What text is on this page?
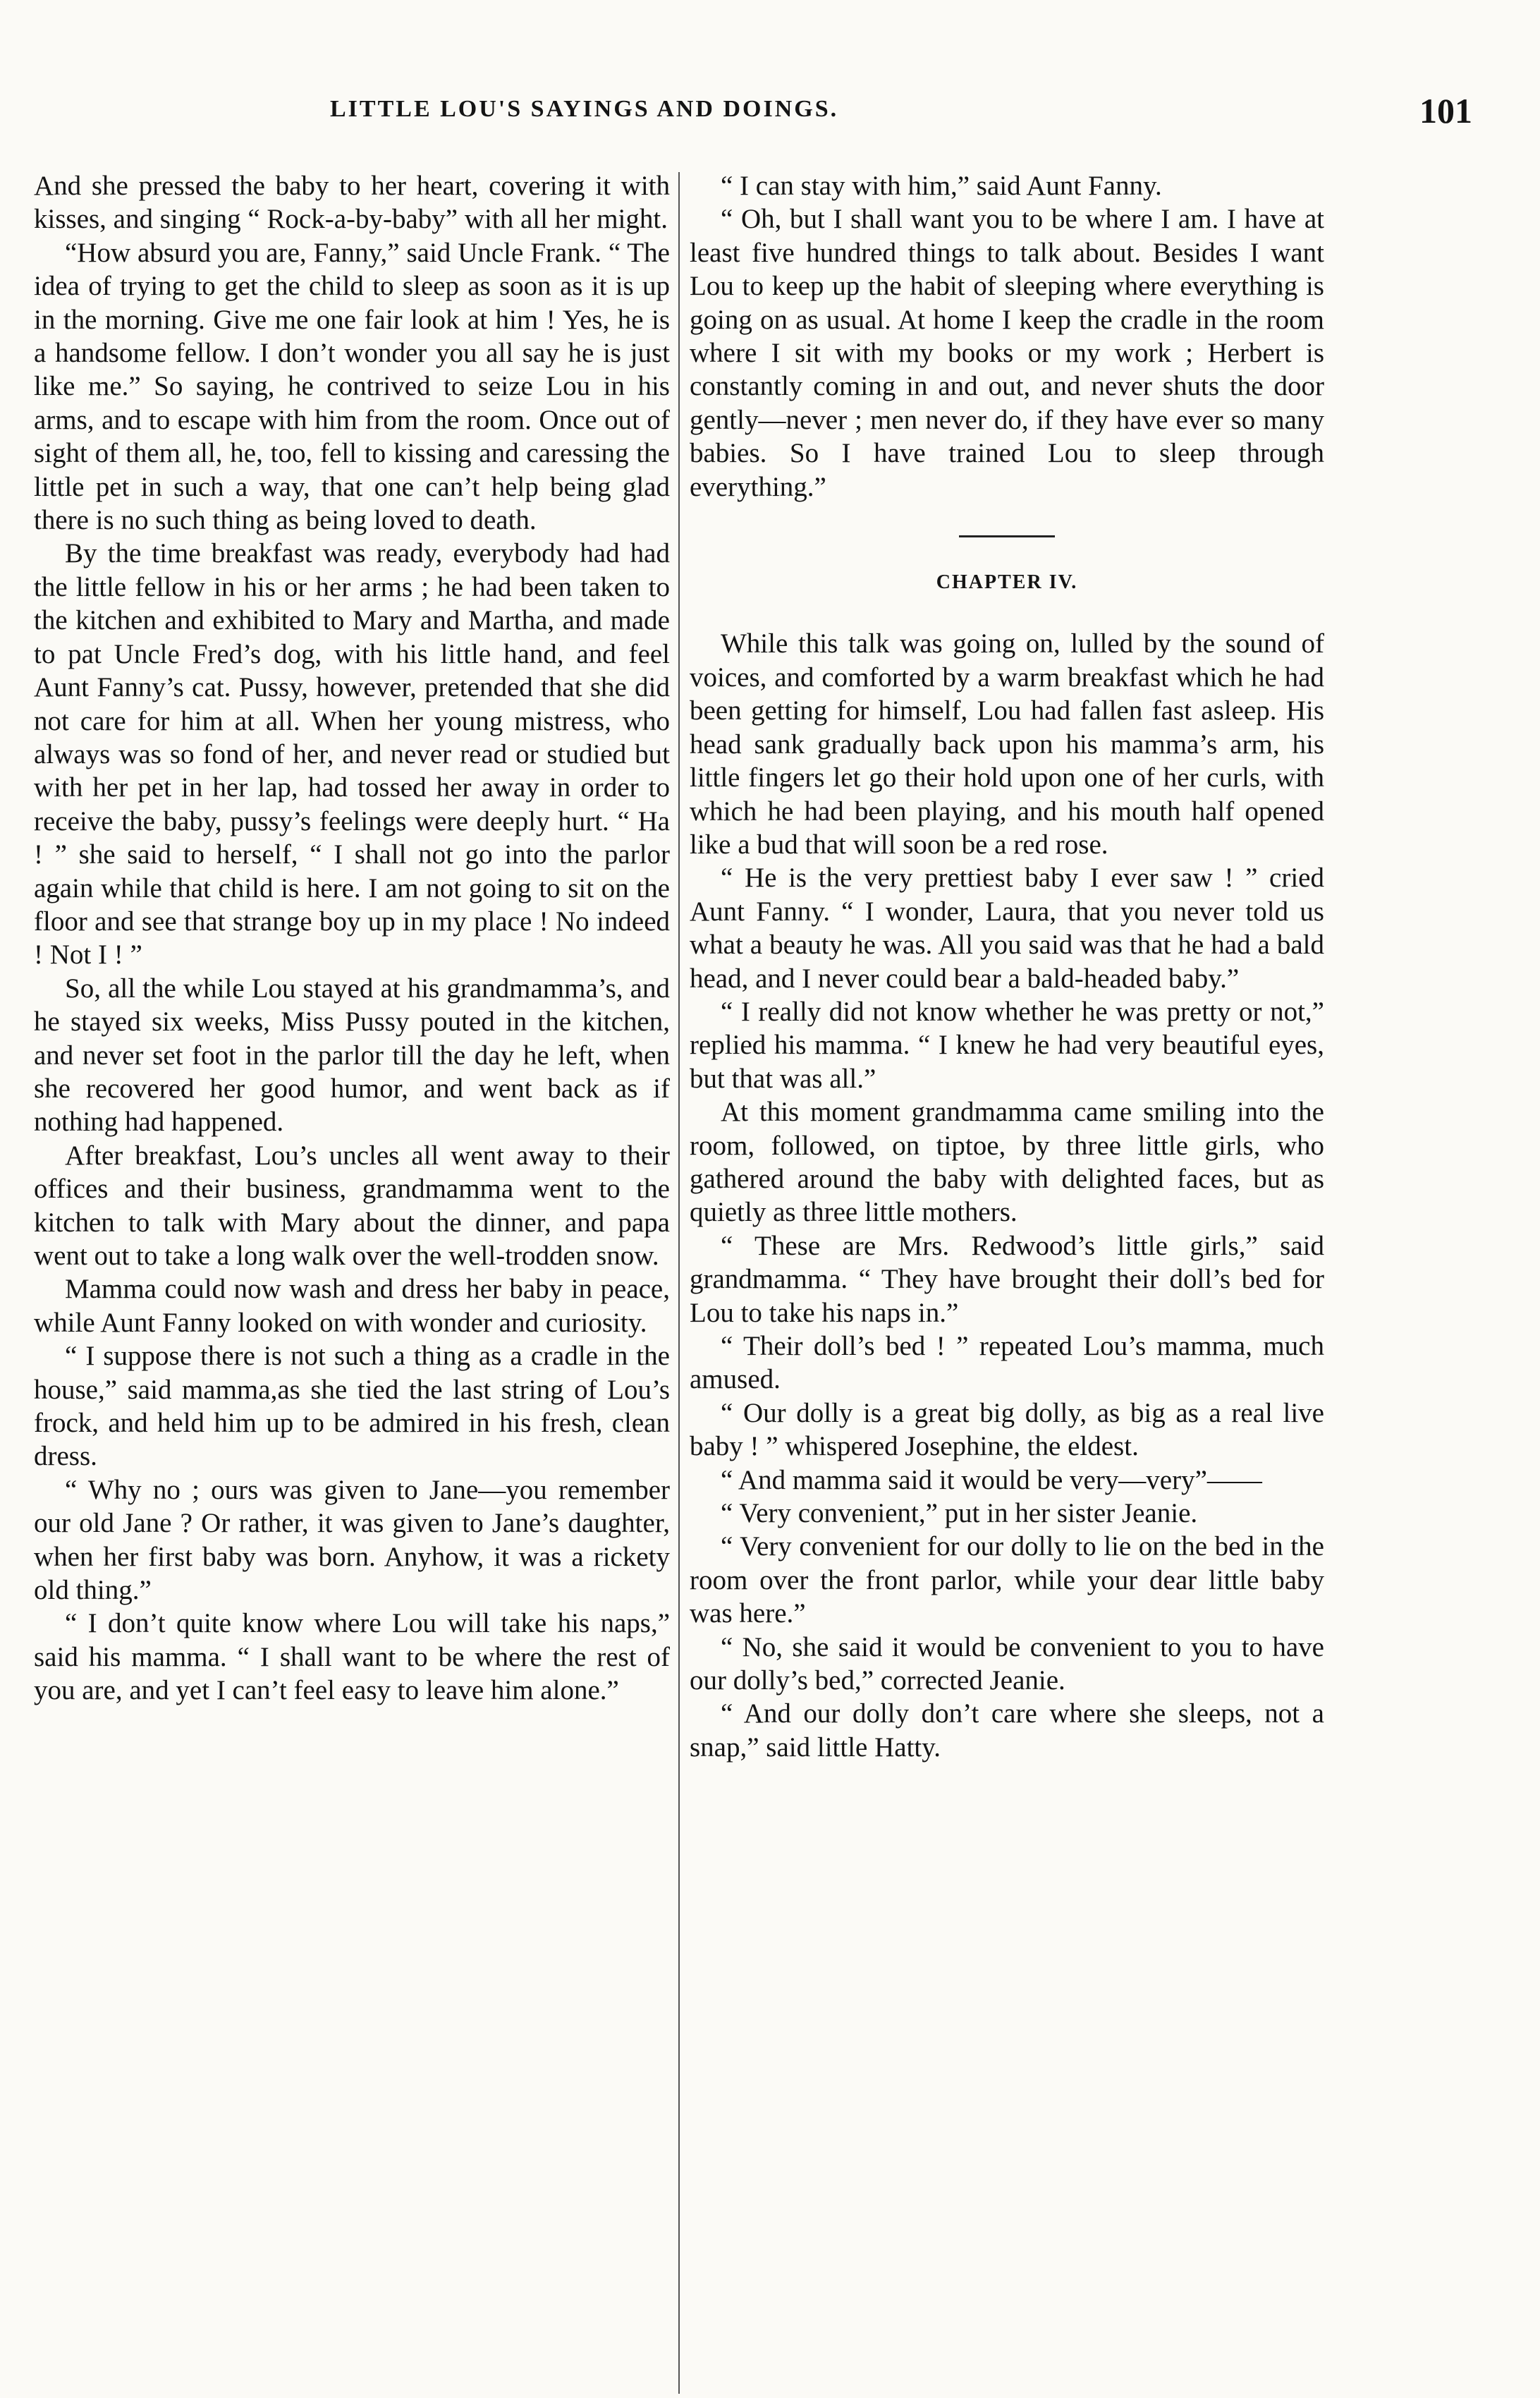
LITTLE LOU'S SAYINGS AND DOINGS.	101

And she pressed the baby to her heart, covering it with kisses, and singing “ Rock-a-by-baby” with all her might.

“How absurd you are, Fanny,” said Uncle Frank. “ The idea of trying to get the child to sleep as soon as it is up in the morning. Give me one fair look at him ! Yes, he is a handsome fellow. I don’t wonder you all say he is just like me.” So saying, he contrived to seize Lou in his arms, and to escape with him from the room. Once out of sight of them all, he, too, fell to kissing and caressing the little pet in such a way, that one can’t help being glad there is no such thing as being loved to death.

By the time breakfast was ready, everybody had had the little fellow in his or her arms ; he had been taken to the kitchen and exhibited to Mary and Martha, and made to pat Uncle Fred’s dog, with his little hand, and feel Aunt Fanny’s cat. Pussy, however, pretended that she did not care for him at all. When her young mistress, who always was so fond of her, and never read or studied but with her pet in her lap, had tossed her away in order to receive the baby, pussy’s feelings were deeply hurt. “ Ha ! ” she said to herself, “ I shall not go into the parlor again while that child is here. I am not going to sit on the floor and see that strange boy up in my place ! No indeed ! Not I ! ”

So, all the while Lou stayed at his grandmamma’s, and he stayed six weeks, Miss Pussy pouted in the kitchen, and never set foot in the parlor till the day he left, when she recovered her good humor, and went back as if nothing had happened.

After breakfast, Lou’s uncles all went away to their offices and their business, grandmamma went to the kitchen to talk with Mary about the dinner, and papa went out to take a long walk over the well-trodden snow.

Mamma could now wash and dress her baby in peace, while Aunt Fanny looked on with wonder and curiosity.

“ I suppose there is not such a thing as a cradle in the house,” said mamma,as she tied the last string of Lou’s frock, and held him up to be admired in his fresh, clean dress.

“ Why no ; ours was given to Jane—you remember our old Jane ? Or rather, it was given to Jane’s daughter, when her first baby was born. Anyhow, it was a rickety old thing.”

“ I don’t quite know where Lou will take his naps,” said his mamma. “ I shall want to be where the rest of you are, and yet I can’t feel easy to leave him alone.”

“ I can stay with him,” said Aunt Fanny.

“ Oh, but I shall want you to be where I am. I have at least five hundred things to talk about. Besides I want Lou to keep up the habit of sleeping where everything is going on as usual. At home I keep the cradle in the room where I sit with my books or my work ; Herbert is constantly coming in and out, and never shuts the door gently—never ; men never do, if they have ever so many babies. So I have trained Lou to sleep through everything.”

CHAPTER IV.

While this talk was going on, lulled by the sound of voices, and comforted by a warm breakfast which he had been getting for himself, Lou had fallen fast asleep. His head sank gradually back upon his mamma’s arm, his little fingers let go their hold upon one of her curls, with which he had been playing, and his mouth half opened like a bud that will soon be a red rose.

“ He is the very prettiest baby I ever saw ! ” cried Aunt Fanny. “ I wonder, Laura, that you never told us what a beauty he was. All you said was that he had a bald head, and I never could bear a bald-headed baby.”

“ I really did not know whether he was pretty or not,” replied his mamma. “ I knew he had very beautiful eyes, but that was all.”

At this moment grandmamma came smiling into the room, followed, on tiptoe, by three little girls, who gathered around the baby with delighted faces, but as quietly as three little mothers.

“ These are Mrs. Redwood’s little girls,” said grandmamma. “ They have brought their doll’s bed for Lou to take his naps in.”

“ Their doll’s bed ! ” repeated Lou’s mamma, much amused.

“ Our dolly is a great big dolly, as big as a real live baby ! ” whispered Josephine, the eldest.

“ And mamma said it would be very—very”——

“ Very convenient,” put in her sister Jeanie.

“ Very convenient for our dolly to lie on the bed in the room over the front parlor, while your dear little baby was here.”

“ No, she said it would be convenient to you to have our dolly’s bed,” corrected Jeanie.

“ And our dolly don’t care where she sleeps, not a snap,” said little Hatty.
